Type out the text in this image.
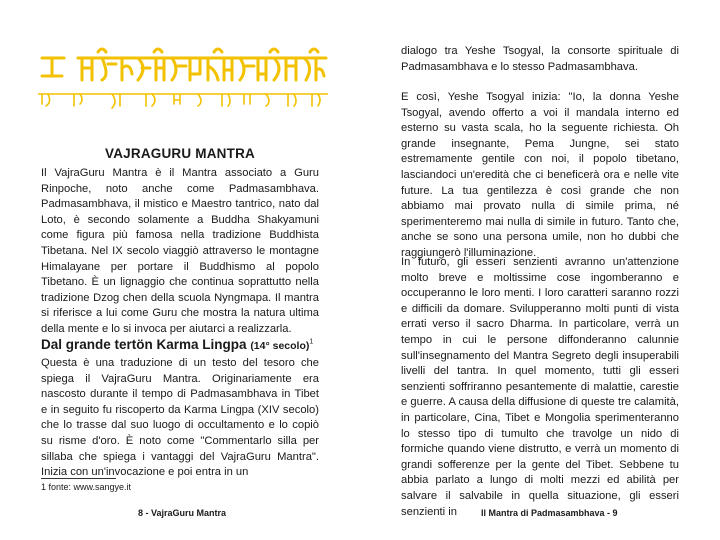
VAJRAGURU MANTRA

Il VajraGuru Mantra è il Mantra associato a Guru Rinpoche, noto anche come Padmasambhava. Padmasambhava, il mistico e Maestro tantrico, nato dal Loto, è secondo solamente a Buddha Shakyamuni come figura più famosa nella tradizione Buddhista Tibetana. Nel IX secolo viaggiò attraverso le montagne Himalayane per portare il Buddhismo al popolo Tibetano. È un lignaggio che continua soprattutto nella tradizione Dzog chen della scuola Nyngmapa. Il mantra si riferisce a lui come Guru che mostra la natura ultima della mente e lo si invoca per aiutarci a realizzarla.

Dal grande tertön Karma Lingpa (14° secolo)$^1$

Questa è una traduzione di un testo del tesoro che spiega il VajraGuru Mantra. Originariamente era nascosto durante il tempo di Padmasambhava in Tibet e in seguito fu riscoperto da Karma Lingpa (XIV secolo) che lo trasse dal suo luogo di occultamento e lo copiò su risme d'oro. È noto come "Commentarlo silla per sillaba che spiega i vantaggi del VajraGuru Mantra". Inizia con un'invocazione e poi entra in un

1 fonte: www.sangye.it
8 - VajraGuru Mantra

dialogo tra Yeshe Tsogyal, la consorte spirituale di Padmasambhava e lo stesso Padmasambhava.

E così, Yeshe Tsogyal inizia: "Io, la donna Yeshe Tsogyal, avendo offerto a voi il mandala interno ed esterno su vasta scala, ho la seguente richiesta. Oh grande insegnante, Pema Jungne, sei stato estremamente gentile con noi, il popolo tibetano, lasciandoci un'eredità che ci beneficerà ora e nelle vite future. La tua gentilezza è così grande che non abbiamo mai provato nulla di simile prima, né sperimenteremo mai nulla di simile in futuro. Tanto che, anche se sono una persona umile, non ho dubbi che raggiungerò l'illuminazione.

In futuro, gli esseri senzienti avranno un'attenzione molto breve e moltissime cose ingomberanno e occuperanno le loro menti. I loro caratteri saranno rozzi e difficili da domare. Svilupperanno molti punti di vista errati verso il sacro Dharma. In particolare, verrà un tempo in cui le persone diffonderanno calunnie sull'insegnamento del Mantra Segreto degli insuperabili livelli del tantra. In quel momento, tutti gli esseri senzienti soffriranno pesantemente di malattie, carestie e guerre. A causa della diffusione di queste tre calamità, in particolare, Cina, Tibet e Mongolia sperimenteranno lo stesso tipo di tumulto che travolge un nido di formiche quando viene distrutto, e verrà un momento di grandi sofferenze per la gente del Tibet. Sebbene tu abbia parlato a lungo di molti mezzi ed abilità per salvare il salvabile in quella situazione, gli esseri senzienti in	Il Mantra di Padmasambhava - 9
